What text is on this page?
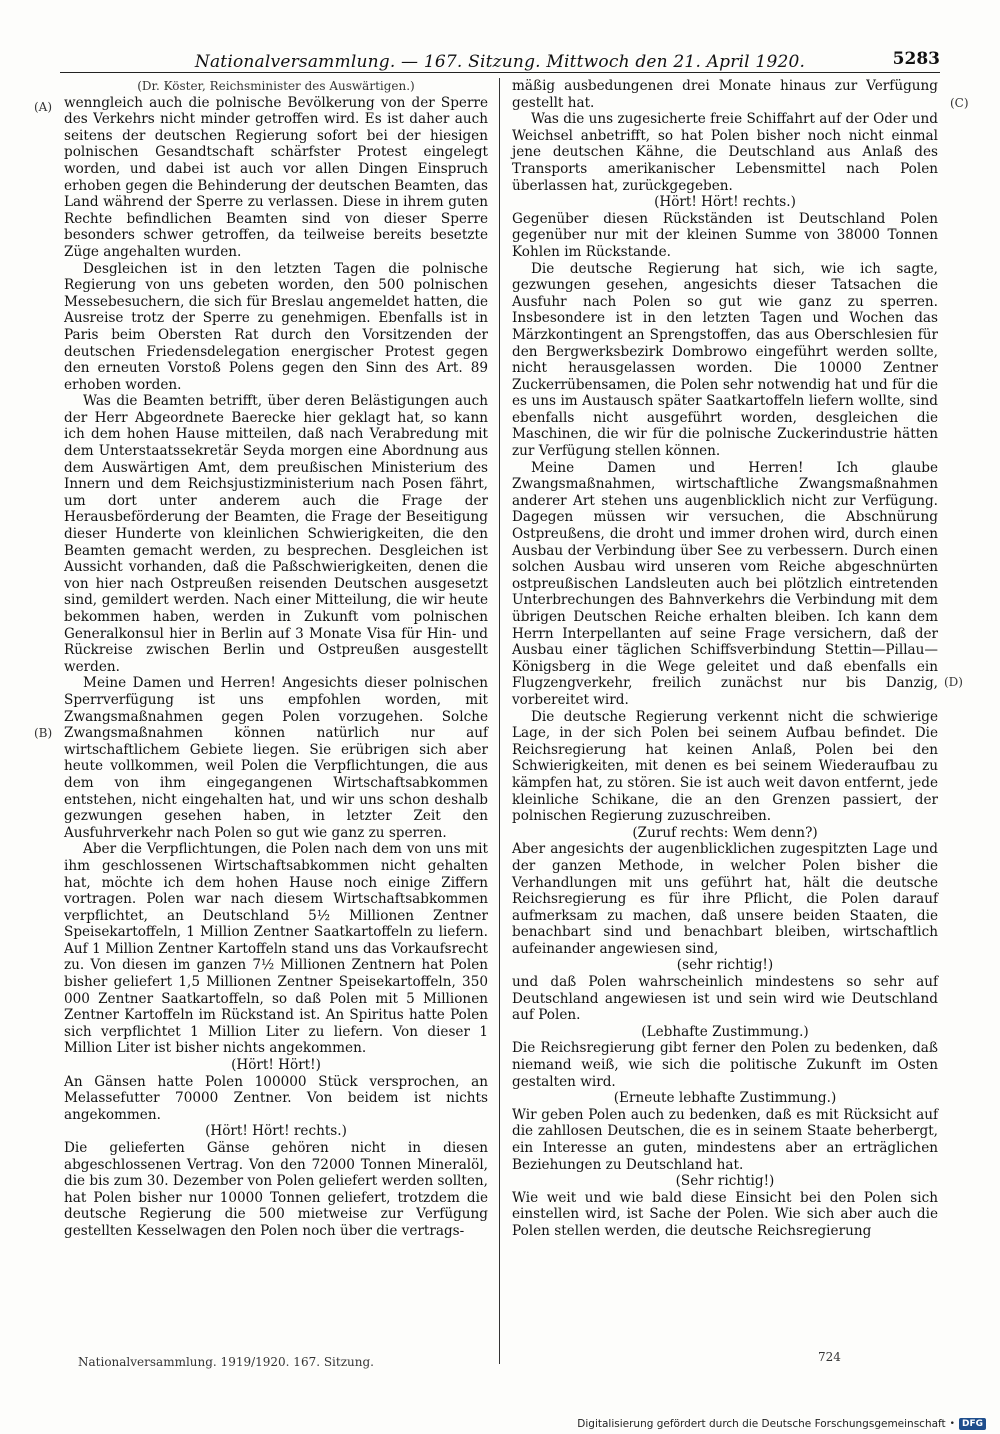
Nationalversammlung. — 167. Sitzung. Mittwoch den 21. April 1920.	5283
(A)
(B)
(C)
(D)

(Dr. Köster, Reichsminister des Auswärtigen.)

wenngleich auch die polnische Bevölkerung von der Sperre des Verkehrs nicht minder getroffen wird. Es ist daher auch seitens der deutschen Regierung sofort bei der hiesigen polnischen Gesandtschaft schärfster Protest eingelegt worden, und dabei ist auch vor allen Dingen Einspruch erhoben gegen die Behinderung der deutschen Beamten, das Land während der Sperre zu verlassen. Diese in ihrem guten Rechte befindlichen Beamten sind von dieser Sperre besonders schwer getroffen, da teilweise bereits besetzte Züge angehalten wurden.

Desgleichen ist in den letzten Tagen die polnische Regierung von uns gebeten worden, den 500 polnischen Messebesuchern, die sich für Breslau angemeldet hatten, die Ausreise trotz der Sperre zu genehmigen. Ebenfalls ist in Paris beim Obersten Rat durch den Vorsitzenden der deutschen Friedensdelegation energischer Protest gegen den erneuten Vorstoß Polens gegen den Sinn des Art. 89 erhoben worden.

Was die Beamten betrifft, über deren Belästigungen auch der Herr Abgeordnete Baerecke hier geklagt hat, so kann ich dem hohen Hause mitteilen, daß nach Verabredung mit dem Unterstaatssekretär Seyda morgen eine Abordnung aus dem Auswärtigen Amt, dem preußischen Ministerium des Innern und dem Reichsjustizministerium nach Posen fährt, um dort unter anderem auch die Frage der Herausbeförderung der Beamten, die Frage der Beseitigung dieser Hunderte von kleinlichen Schwierigkeiten, die den Beamten gemacht werden, zu besprechen. Desgleichen ist Aussicht vorhanden, daß die Paßschwierigkeiten, denen die von hier nach Ostpreußen reisenden Deutschen ausgesetzt sind, gemildert werden. Nach einer Mitteilung, die wir heute bekommen haben, werden in Zukunft vom polnischen Generalkonsul hier in Berlin auf 3 Monate Visa für Hin- und Rückreise zwischen Berlin und Ostpreußen ausgestellt werden.

Meine Damen und Herren! Angesichts dieser polnischen Sperrverfügung ist uns empfohlen worden, mit Zwangsmaßnahmen gegen Polen vorzugehen. Solche Zwangsmaßnahmen können natürlich nur auf wirtschaftlichem Gebiete liegen. Sie erübrigen sich aber heute vollkommen, weil Polen die Verpflichtungen, die aus dem von ihm eingegangenen Wirtschaftsabkommen entstehen, nicht eingehalten hat, und wir uns schon deshalb gezwungen gesehen haben, in letzter Zeit den Ausfuhrverkehr nach Polen so gut wie ganz zu sperren.

Aber die Verpflichtungen, die Polen nach dem von uns mit ihm geschlossenen Wirtschaftsabkommen nicht gehalten hat, möchte ich dem hohen Hause noch einige Ziffern vortragen. Polen war nach diesem Wirtschaftsabkommen verpflichtet, an Deutschland 5½ Millionen Zentner Speisekartoffeln, 1 Million Zentner Saatkartoffeln zu liefern. Auf 1 Million Zentner Kartoffeln stand uns das Vorkaufsrecht zu. Von diesen im ganzen 7½ Millionen Zentnern hat Polen bisher geliefert 1,5 Millionen Zentner Speisekartoffeln, 350 000 Zentner Saatkartoffeln, so daß Polen mit 5 Millionen Zentner Kartoffeln im Rückstand ist. An Spiritus hatte Polen sich verpflichtet 1 Million Liter zu liefern. Von dieser 1 Million Liter ist bisher nichts angekommen.

(Hört! Hört!)

An Gänsen hatte Polen 100000 Stück versprochen, an Melassefutter 70000 Zentner. Von beidem ist nichts angekommen.

(Hört! Hört! rechts.)

Die gelieferten Gänse gehören nicht in diesen abgeschlossenen Vertrag. Von den 72000 Tonnen Mineralöl, die bis zum 30. Dezember von Polen geliefert werden sollten, hat Polen bisher nur 10000 Tonnen geliefert, trotzdem die deutsche Regierung die 500 mietweise zur Verfügung gestellten Kesselwagen den Polen noch über die vertrags-

mäßig ausbedungenen drei Monate hinaus zur Verfügung gestellt hat.

Was die uns zugesicherte freie Schiffahrt auf der Oder und Weichsel anbetrifft, so hat Polen bisher noch nicht einmal jene deutschen Kähne, die Deutschland aus Anlaß des Transports amerikanischer Lebensmittel nach Polen überlassen hat, zurückgegeben.

(Hört! Hört! rechts.)

Gegenüber diesen Rückständen ist Deutschland Polen gegenüber nur mit der kleinen Summe von 38000 Tonnen Kohlen im Rückstande.

Die deutsche Regierung hat sich, wie ich sagte, gezwungen gesehen, angesichts dieser Tatsachen die Ausfuhr nach Polen so gut wie ganz zu sperren. Insbesondere ist in den letzten Tagen und Wochen das Märzkontingent an Sprengstoffen, das aus Oberschlesien für den Bergwerksbezirk Dombrowo eingeführt werden sollte, nicht herausgelassen worden. Die 10000 Zentner Zuckerrübensamen, die Polen sehr notwendig hat und für die es uns im Austausch später Saatkartoffeln liefern wollte, sind ebenfalls nicht ausgeführt worden, desgleichen die Maschinen, die wir für die polnische Zuckerindustrie hätten zur Verfügung stellen können.

Meine Damen und Herren! Ich glaube Zwangsmaßnahmen, wirtschaftliche Zwangsmaßnahmen anderer Art stehen uns augenblicklich nicht zur Verfügung. Dagegen müssen wir versuchen, die Abschnürung Ostpreußens, die droht und immer drohen wird, durch einen Ausbau der Verbindung über See zu verbessern. Durch einen solchen Ausbau wird unseren vom Reiche abgeschnürten ostpreußischen Landsleuten auch bei plötzlich eintretenden Unterbrechungen des Bahnverkehrs die Verbindung mit dem übrigen Deutschen Reiche erhalten bleiben. Ich kann dem Herrn Interpellanten auf seine Frage versichern, daß der Ausbau einer täglichen Schiffsverbindung Stettin—Pillau—Königsberg in die Wege geleitet und daß ebenfalls ein Flugzengverkehr, freilich zunächst nur bis Danzig, vorbereitet wird.

Die deutsche Regierung verkennt nicht die schwierige Lage, in der sich Polen bei seinem Aufbau befindet. Die Reichsregierung hat keinen Anlaß, Polen bei den Schwierigkeiten, mit denen es bei seinem Wiederaufbau zu kämpfen hat, zu stören. Sie ist auch weit davon entfernt, jede kleinliche Schikane, die an den Grenzen passiert, der polnischen Regierung zuzuschreiben.

(Zuruf rechts: Wem denn?)

Aber angesichts der augenblicklichen zugespitzten Lage und der ganzen Methode, in welcher Polen bisher die Verhandlungen mit uns geführt hat, hält die deutsche Reichsregierung es für ihre Pflicht, die Polen darauf aufmerksam zu machen, daß unsere beiden Staaten, die benachbart sind und benachbart bleiben, wirtschaftlich aufeinander angewiesen sind,

(sehr richtig!)

und daß Polen wahrscheinlich mindestens so sehr auf Deutschland angewiesen ist und sein wird wie Deutschland auf Polen.

(Lebhafte Zustimmung.)

Die Reichsregierung gibt ferner den Polen zu bedenken, daß niemand weiß, wie sich die politische Zukunft im Osten gestalten wird.

(Erneute lebhafte Zustimmung.)

Wir geben Polen auch zu bedenken, daß es mit Rücksicht auf die zahllosen Deutschen, die es in seinem Staate beherbergt, ein Interesse an guten, mindestens aber an erträglichen Beziehungen zu Deutschland hat.

(Sehr richtig!)

Wie weit und wie bald diese Einsicht bei den Polen sich einstellen wird, ist Sache der Polen. Wie sich aber auch die Polen stellen werden, die deutsche Reichsregierung

Nationalversammlung. 1919/1920. 167. Sitzung.	724
Digitalisierung gefördert durch die Deutsche Forschungsgemeinschaft • DFG
